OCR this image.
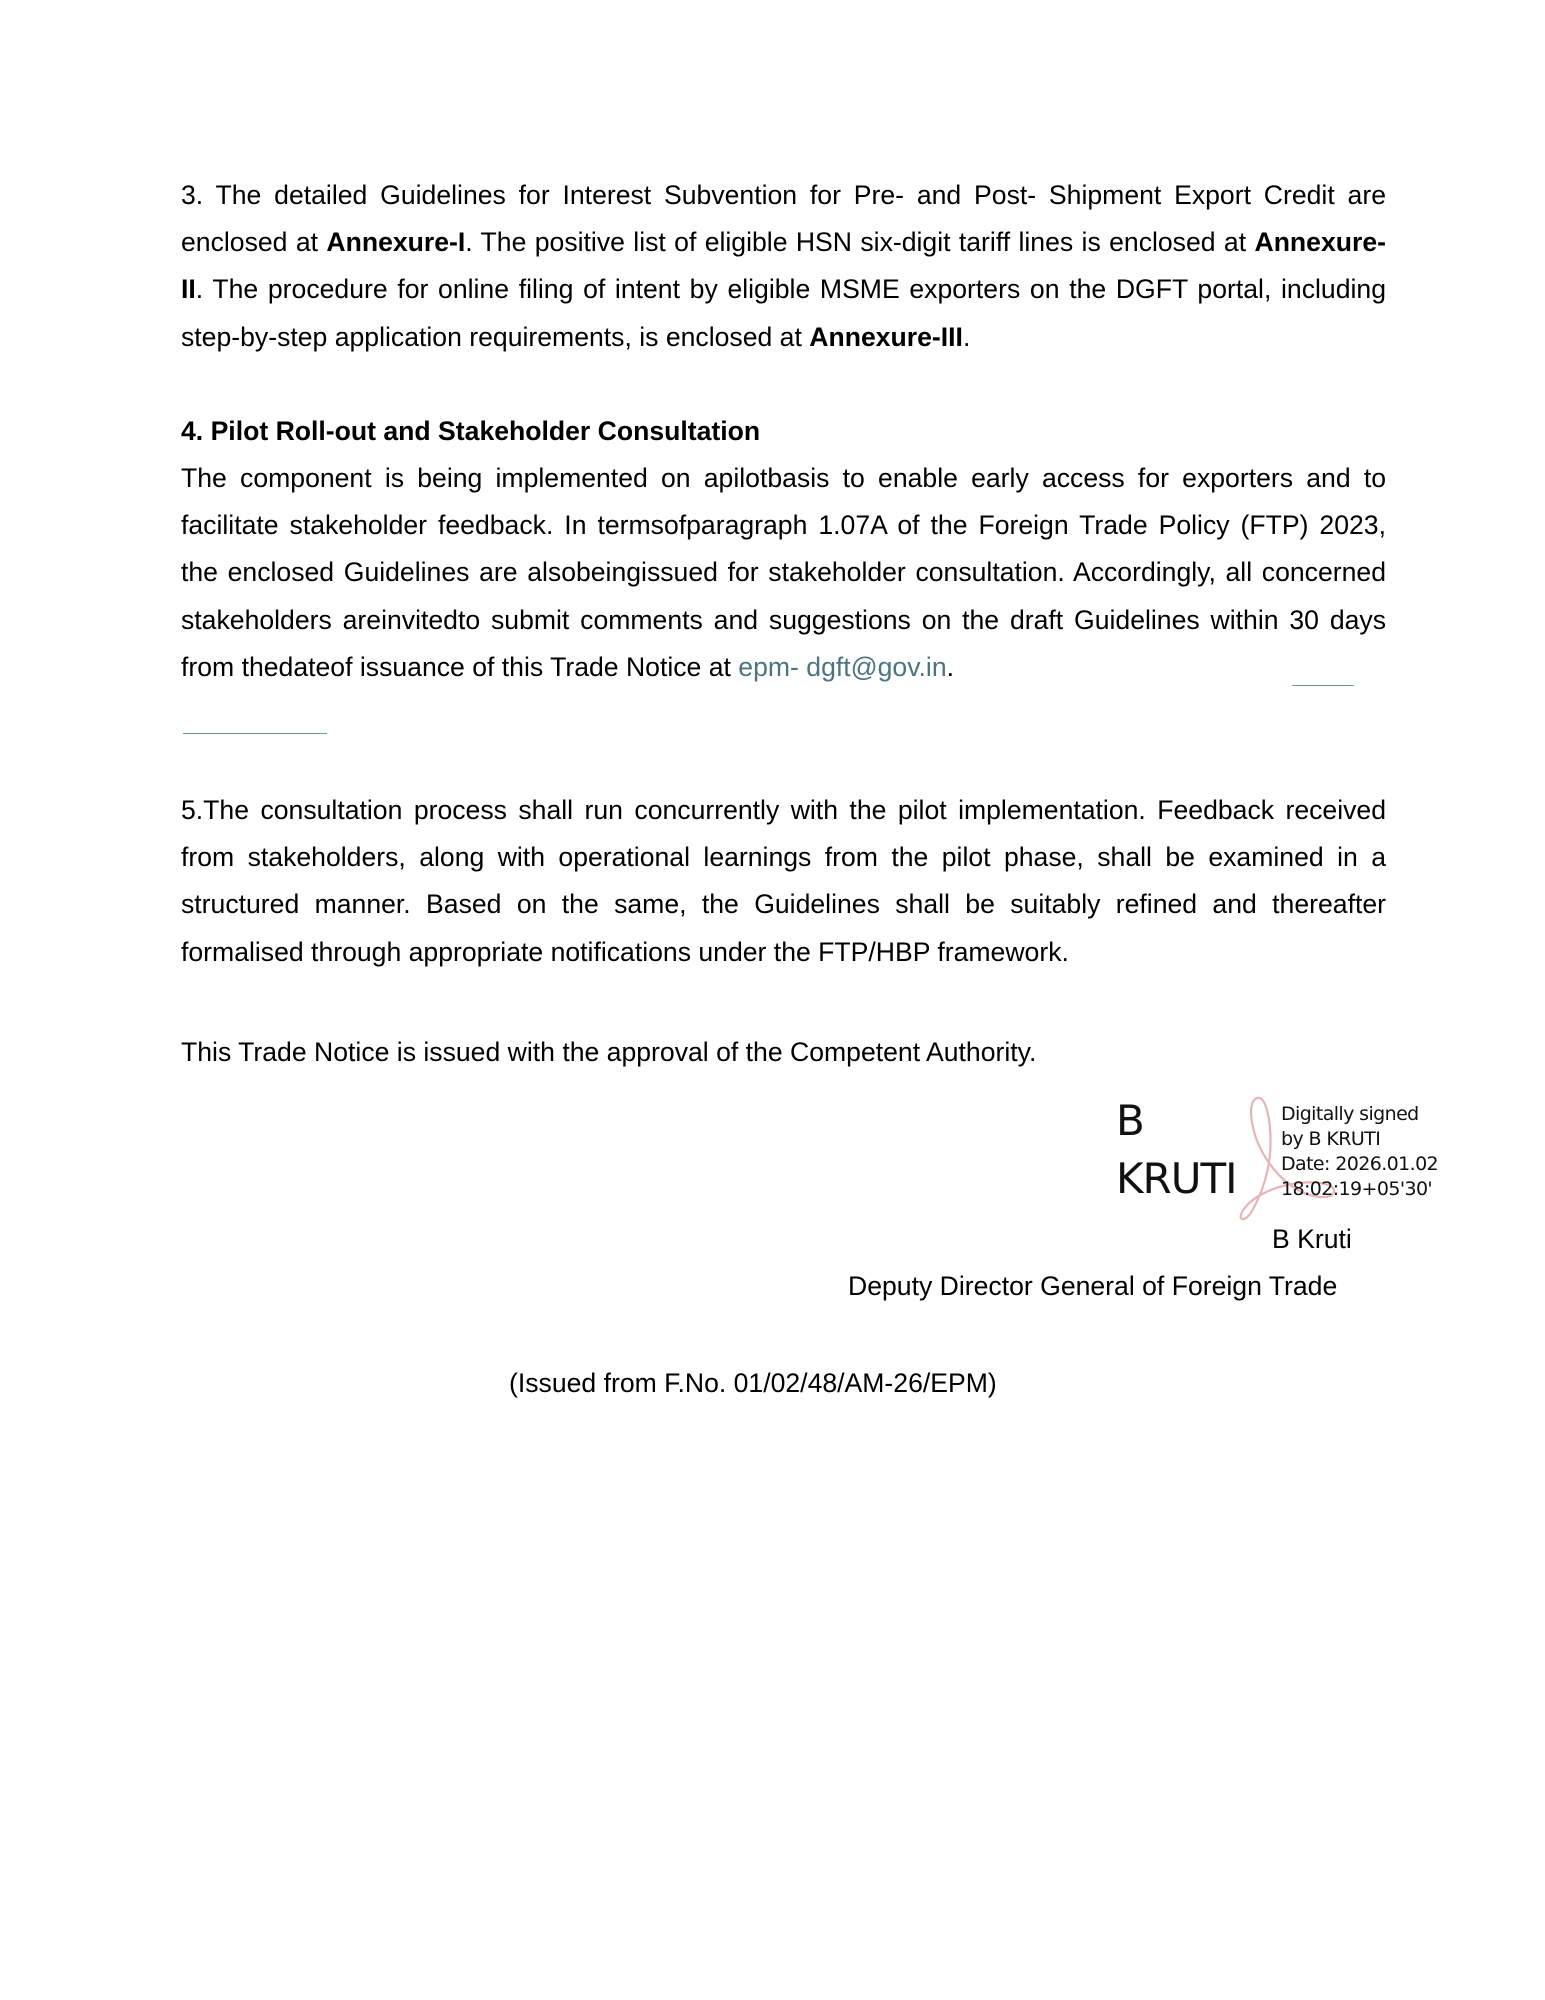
3. The detailed Guidelines for Interest Subvention for Pre- and Post- Shipment Export Credit are enclosed at Annexure-I. The positive list of eligible HSN six-digit tariff lines is enclosed at Annexure-II. The procedure for online filing of intent by eligible MSME exporters on the DGFT portal, including step-by-step application requirements, is enclosed at Annexure-III.

4. Pilot Roll-out and Stakeholder Consultation

The component is being implemented on apilotbasis to enable early access for exporters and to facilitate stakeholder feedback. In termsofparagraph 1.07A of the Foreign Trade Policy (FTP) 2023, the enclosed Guidelines are alsobeingissued for stakeholder consultation. Accordingly, all concerned stakeholders areinvitedto submit comments and suggestions on the draft Guidelines within 30 days from thedateof issuance of this Trade Notice at epm- dgft@gov.in.

5.The consultation process shall run concurrently with the pilot implementation. Feedback received from stakeholders, along with operational learnings from the pilot phase, shall be examined in a structured manner. Based on the same, the Guidelines shall be suitably refined and thereafter formalised through appropriate notifications under the FTP/HBP framework.

This Trade Notice is issued with the approval of the Competent Authority.

B
KRUTI
Digitally signed
by B KRUTI
Date: 2026.01.02
18:02:19+05'30'
B Kruti
Deputy Director General of Foreign Trade
(Issued from F.No. 01/02/48/AM-26/EPM)
